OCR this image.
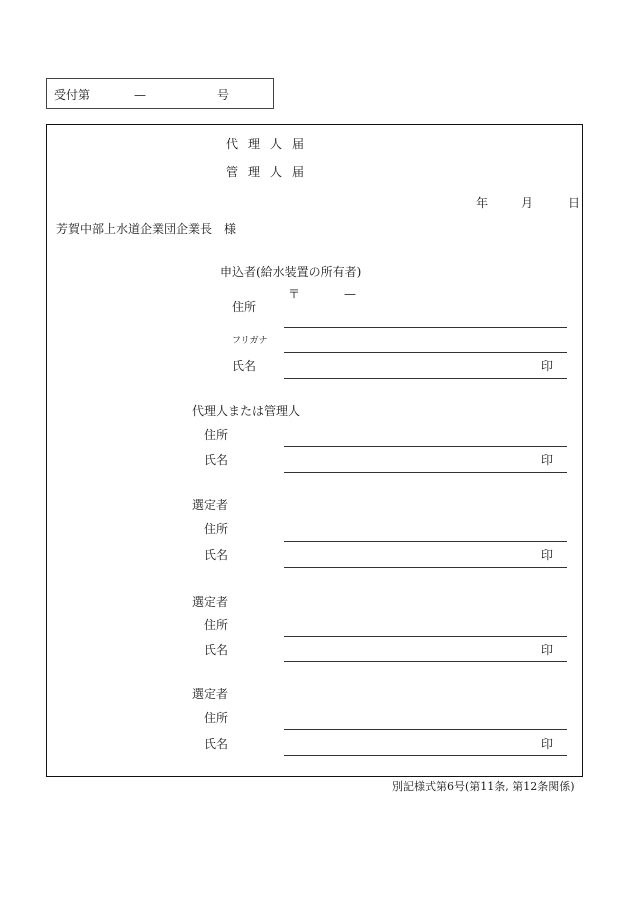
受付第	—	号
代理人届
管理人届
年	月	日
芳賀中部上水道企業団企業長　様
申込者(給水装置の所有者)
〒	—
住所
フリガナ
氏名	印
代理人または管理人
住所
氏名	印
選定者
住所
氏名	印
選定者
住所
氏名	印
選定者
住所
氏名	印
別記様式第6号(第11条, 第12条関係)
